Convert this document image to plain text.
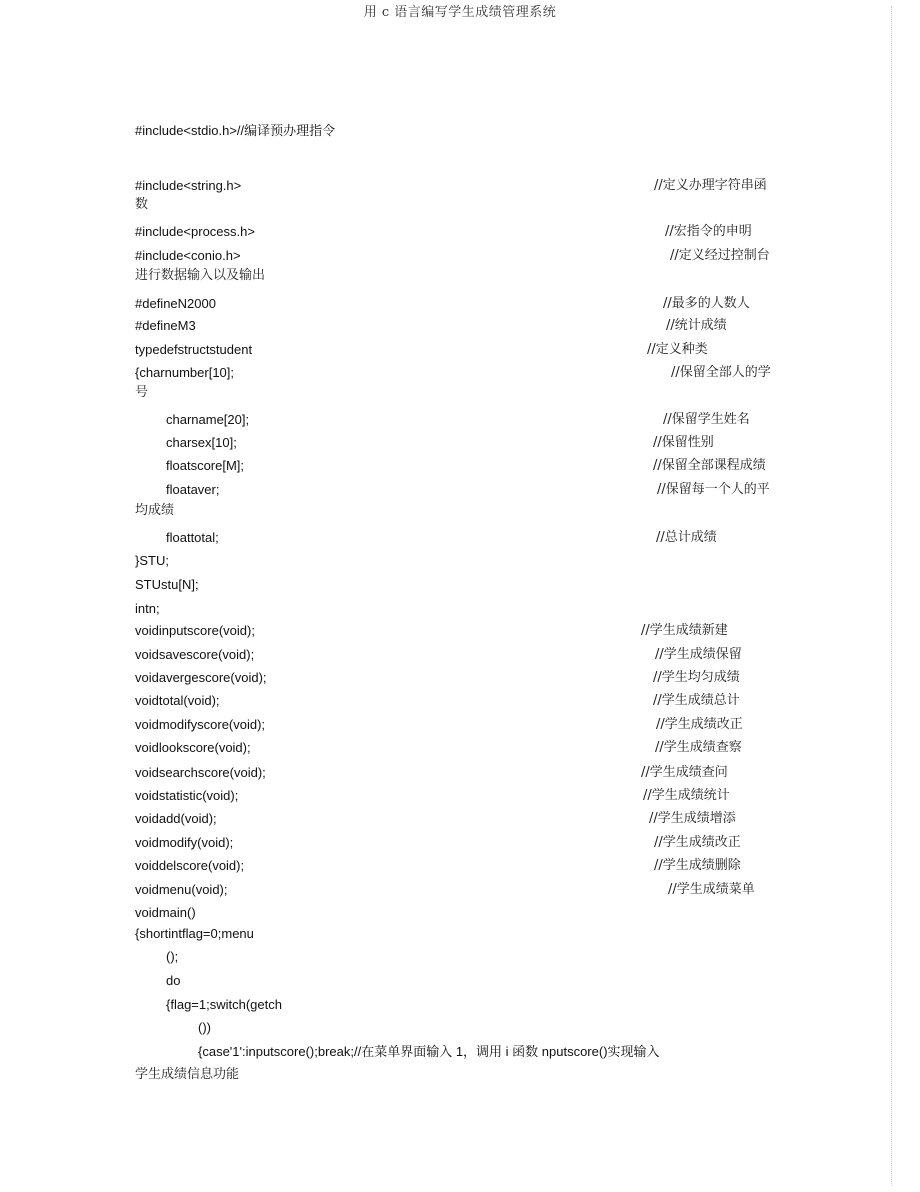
用 c 语言编写学生成绩管理系统
#include<stdio.h>//编译预办理指令
#include<string.h>	//定义办理字符串函
数
#include<process.h>	//宏指令的申明
#include<conio.h>	//定义经过控制台
进行数据输入以及输出
#defineN2000	//最多的人数人
#defineM3	//统计成绩
typedefstructstudent	//定义种类
{charnumber[10];	//保留全部人的学
号
charname[20];	//保留学生姓名
charsex[10];	//保留性别
floatscore[M];	//保留全部课程成绩
floataver;	//保留每一个人的平
均成绩
floattotal;	//总计成绩
}STU;
STUstu[N];
intn;
voidinputscore(void);	//学生成绩新建
voidsavescore(void);	//学生成绩保留
voidavergescore(void);	//学生均匀成绩
voidtotal(void);	//学生成绩总计
voidmodifyscore(void);	//学生成绩改正
voidlookscore(void);	//学生成绩查察
voidsearchscore(void);	//学生成绩查问
voidstatistic(void);	//学生成绩统计
voidadd(void);	//学生成绩增添
voidmodify(void);	//学生成绩改正
voiddelscore(void);	//学生成绩删除
voidmenu(void);	//学生成绩菜单
voidmain()
{shortintflag=0;menu
();
do
{flag=1;switch(getch
())
{case'1':inputscore();break;//在菜单界面输入 1，调用 i 函数 nputscore()实现输入
学生成绩信息功能
